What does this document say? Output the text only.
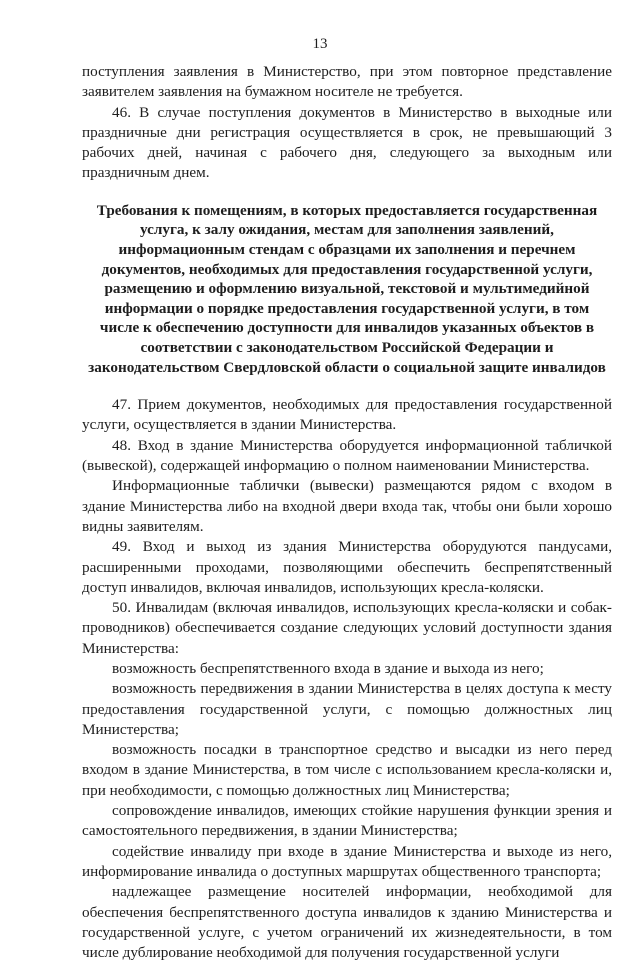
13

поступления заявления в Министерство, при этом повторное представление заявителем заявления на бумажном носителе не требуется.

46. В случае поступления документов в Министерство в выходные или праздничные дни регистрация осуществляется в срок, не превышающий 3 рабочих дней, начиная с рабочего дня, следующего за выходным или праздничным днем.

Требования к помещениям, в которых предоставляется государственная услуга, к залу ожидания, местам для заполнения заявлений, информационным стендам с образцами их заполнения и перечнем документов, необходимых для предоставления государственной услуги, размещению и оформлению визуальной, текстовой и мультимедийной информации о порядке предоставления государственной услуги, в том числе к обеспечению доступности для инвалидов указанных объектов в соответствии с законодательством Российской Федерации и законодательством Свердловской области о социальной защите инвалидов

47. Прием документов, необходимых для предоставления государственной услуги, осуществляется в здании Министерства.

48. Вход в здание Министерства оборудуется информационной табличкой (вывеской), содержащей информацию о полном наименовании Министерства.

Информационные таблички (вывески) размещаются рядом с входом в здание Министерства либо на входной двери входа так, чтобы они были хорошо видны заявителям.

49. Вход и выход из здания Министерства оборудуются пандусами, расширенными проходами, позволяющими обеспечить беспрепятственный доступ инвалидов, включая инвалидов, использующих кресла-коляски.

50. Инвалидам (включая инвалидов, использующих кресла-коляски и собак-проводников) обеспечивается создание следующих условий доступности здания Министерства:

возможность беспрепятственного входа в здание и выхода из него;

возможность передвижения в здании Министерства в целях доступа к месту предоставления государственной услуги, с помощью должностных лиц Министерства;

возможность посадки в транспортное средство и высадки из него перед входом в здание Министерства, в том числе с использованием кресла-коляски и, при необходимости, с помощью должностных лиц Министерства;

сопровождение инвалидов, имеющих стойкие нарушения функции зрения и самостоятельного передвижения, в здании Министерства;

содействие инвалиду при входе в здание Министерства и выходе из него, информирование инвалида о доступных маршрутах общественного транспорта;

надлежащее размещение носителей информации, необходимой для обеспечения беспрепятственного доступа инвалидов к зданию Министерства и государственной услуге, с учетом ограничений их жизнедеятельности, в том числе дублирование необходимой для получения государственной услуги
